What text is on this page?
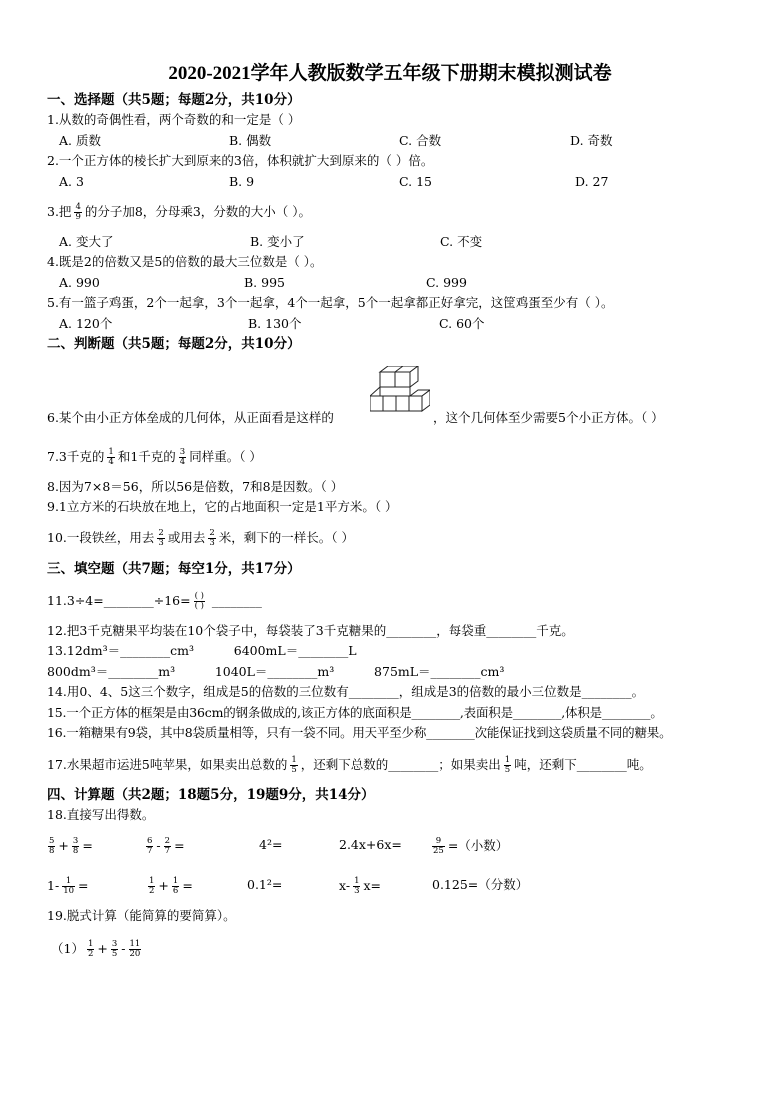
2020-2021学年人教版数学五年级下册期末模拟测试卷
一、选择题（共5题；每题2分，共10分）
1.从数的奇偶性看，两个奇数的和一定是（ ）
A. 质数	B. 偶数	C. 合数	D. 奇数
2.一个正方体的棱长扩大到原来的3倍，体积就扩大到原来的（ ）倍。
A. 3	B. 9	C. 15	D. 27
3.把 $\frac{4}{9}$ 的分子加8，分母乘3，分数的大小（ ）。
A. 变大了	B. 变小了	C. 不变
4.既是2的倍数又是5的倍数的最大三位数是（ ）。
A. 990	B. 995	C. 999
5.有一篮子鸡蛋，2个一起拿，3个一起拿，4个一起拿，5个一起拿都正好拿完，这筐鸡蛋至少有（ ）。
A. 120个	B. 130个	C. 60个
二、判断题（共5题；每题2分，共10分）
6.某个由小正方体垒成的几何体，从正面看是这样的	，这个几何体至少需要5个小正方体。（ ）
7.3千克的 $\frac{1}{4}$ 和1千克的 $\frac{3}{4}$ 同样重。（ ）
8.因为7×8＝56，所以56是倍数，7和8是因数。（ ）
9.1立方米的石块放在地上，它的占地面积一定是1平方米。（ ）
10.一段铁丝，用去 $\frac{2}{3}$ 或用去 $\frac{2}{3}$ 米，剩下的一样长。（ ）
三、填空题（共7题；每空1分，共17分）
11.3÷4=________÷16= $\frac{( )}{( )}$ ________
12.把3千克糖果平均装在10个袋子中，每袋装了3千克糖果的________，每袋重________千克。
13.12dm³＝________cm³          6400mL＝________L
800dm³＝________m³          1040L＝________m³          875mL＝________cm³
14.用0、4、5这三个数字，组成是5的倍数的三位数有________，组成是3的倍数的最小三位数是________。
15.一个正方体的框架是由36cm的钢条做成的,该正方体的底面积是________,表面积是________,体积是________。
16.一箱糖果有9袋，其中8袋质量相等，只有一袋不同。用天平至少称________次能保证找到这袋质量不同的糖果。
17.水果超市运进5吨苹果，如果卖出总数的 $\frac{1}{5}$ ，还剩下总数的________；如果卖出 $\frac{1}{5}$ 吨，还剩下________吨。
四、计算题（共2题；18题5分，19题9分，共14分）
18.直接写出得数。
$\frac{5}{8} + \frac{3}{8}$ =	$\frac{6}{7} - \frac{2}{7}$ =	4²=	2.4x+6x=	$\frac{9}{25}$ =（小数）
$1- \frac{1}{10}$ =	$\frac{1}{2} + \frac{1}{6}$ =	0.1²=	$x- \frac{1}{3} x=$	0.125=（分数）
19.脱式计算（能简算的要简算）。
$(1) \frac{1}{2} + \frac{3}{5} - \frac{11}{20}$
